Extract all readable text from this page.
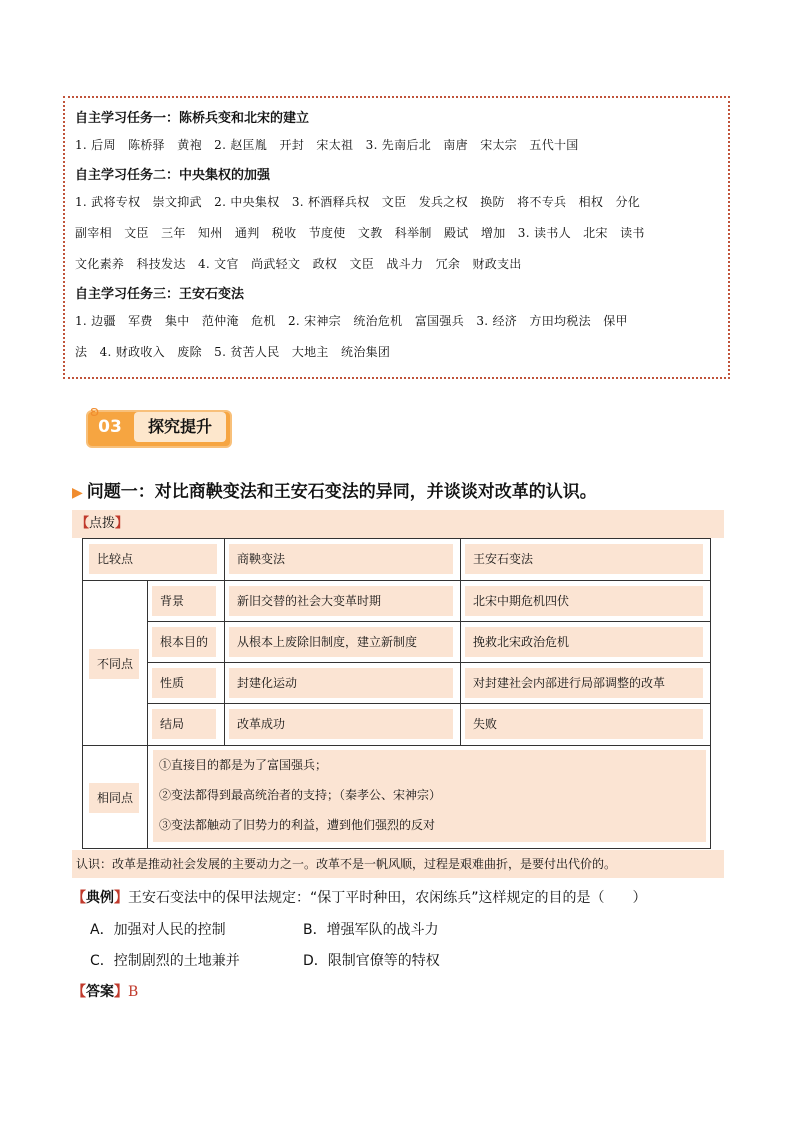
自主学习任务一：陈桥兵变和北宋的建立
1. 后周　陈桥驿　黄袍　2. 赵匡胤　开封　宋太祖　3. 先南后北　南唐　宋太宗　五代十国
自主学习任务二：中央集权的加强
1. 武将专权　崇文抑武　2. 中央集权　3. 杯酒释兵权　文臣　发兵之权　换防　将不专兵　相权　分化
副宰相　文臣　三年　知州　通判　税收　节度使　文教　科举制　殿试　增加　3. 读书人　北宋　读书
文化素养　科技发达　4. 文官　尚武轻文　政权　文臣　战斗力　冗余　财政支出
自主学习任务三：王安石变法
1. 边疆　军费　集中　范仲淹　危机　2. 宋神宗　统治危机　富国强兵　3. 经济　方田均税法　保甲
法　4. 财政收入　废除　5. 贫苦人民　大地主　统治集团
ʚ
03	探究提升
▶ 问题一：对比商鞅变法和王安石变法的异同，并谈谈对改革的认识。
【点拨】
比较点	商鞅变法	王安石变法
不同点
背景	新旧交替的社会大变革时期	北宋中期危机四伏
根本目的	从根本上废除旧制度，建立新制度	挽救北宋政治危机
性质	封建化运动	对封建社会内部进行局部调整的改革
结局	改革成功	失败
相同点
①直接目的都是为了富国强兵；
②变法都得到最高统治者的支持；（秦孝公、宋神宗）
③变法都触动了旧势力的利益，遭到他们强烈的反对
认识：改革是推动社会发展的主要动力之一。改革不是一帆风顺，过程是艰难曲折，是要付出代价的。
【典例】王安石变法中的保甲法规定：“保丁平时种田，农闲练兵”这样规定的目的是（　　）
A．加强对人民的控制	B．增强军队的战斗力
C．控制剧烈的土地兼并	D．限制官僚等的特权
【答案】B
